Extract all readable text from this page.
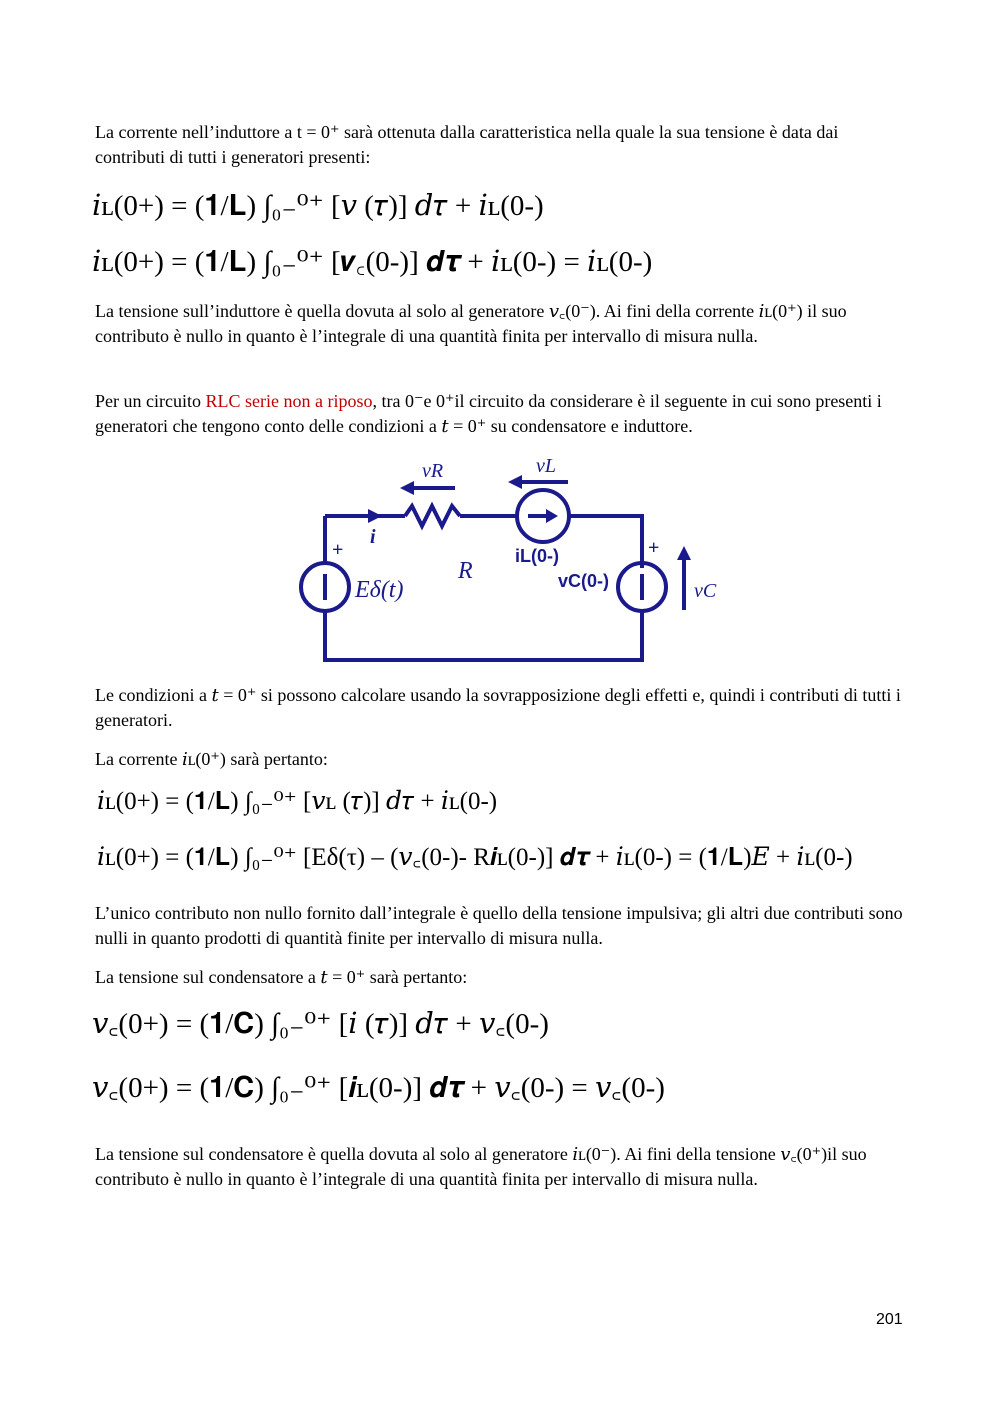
La corrente nell’induttore a t = 0⁺ sarà ottenuta dalla caratteristica nella quale la sua tensione è data dai contributi di tutti i generatori presenti:
𝑖ʟ(0+) = (𝟏/𝐋) ∫₀₋⁰⁺ [𝑣 (𝜏)] 𝑑𝜏 + 𝑖ʟ(0-)
𝑖ʟ(0+) = (𝟏/𝐋) ∫₀₋⁰⁺ [𝒗꜀(0-)] 𝒅𝝉 + 𝑖ʟ(0-) = 𝑖ʟ(0-)
La tensione sull’induttore è quella dovuta al solo al generatore 𝑣꜀(0⁻). Ai fini della corrente 𝑖ʟ(0⁺) il suo contributo è nullo in quanto è l’integrale di una quantità finita per intervallo di misura nulla.
Per un circuito RLC serie non a riposo, tra 0⁻e 0⁺il circuito da considerare è il seguente in cui sono presenti i generatori che tengono conto delle condizioni a 𝑡 = 0⁺ su condensatore e induttore.
vR	vL
i
R
iL(0-)
vC(0-)
Eδ(t)	vC
+	+
Le condizioni a 𝑡 = 0⁺ si possono calcolare usando la sovrapposizione degli effetti e, quindi i contributi di tutti i generatori.
La corrente 𝑖ʟ(0⁺) sarà pertanto:
𝑖ʟ(0+) = (𝟏/𝐋) ∫₀₋⁰⁺ [𝑣ʟ (𝜏)] 𝑑𝜏 + 𝑖ʟ(0-)
𝑖ʟ(0+) = (𝟏/𝐋) ∫₀₋⁰⁺ [Eδ(τ) – (𝑣꜀(0-)- R𝒊ʟ(0-)] 𝒅𝝉 + 𝑖ʟ(0-) = (𝟏/𝐋)𝐸 + 𝑖ʟ(0-)
L’unico contributo non nullo fornito dall’integrale è quello della tensione impulsiva; gli altri due contributi sono nulli in quanto prodotti di quantità finite per intervallo di misura nulla.
La tensione sul condensatore a 𝑡 = 0⁺ sarà pertanto:
𝑣꜀(0+) = (𝟏/𝐂) ∫₀₋⁰⁺ [𝑖 (𝜏)] 𝑑𝜏 + 𝑣꜀(0-)
𝑣꜀(0+) = (𝟏/𝐂) ∫₀₋⁰⁺ [𝒊ʟ(0-)] 𝒅𝝉 + 𝑣꜀(0-) = 𝑣꜀(0-)
La tensione sul condensatore è quella dovuta al solo al generatore 𝑖ʟ(0⁻). Ai fini della tensione 𝑣꜀(0⁺)il suo contributo è nullo in quanto è l’integrale di una quantità finita per intervallo di misura nulla.
201
